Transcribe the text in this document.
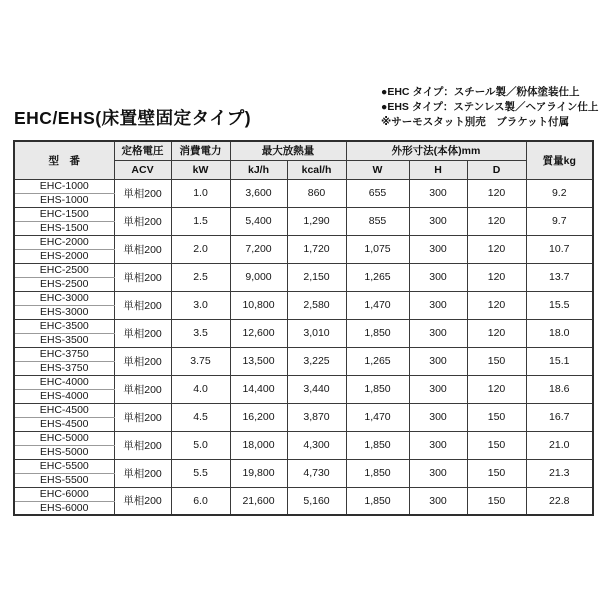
●EHC タイプ：スチール製／粉体塗装仕上
●EHS タイプ：ステンレス製／ヘアライン仕上
※サーモスタット別売　ブラケット付属
EHC/EHS(床置壁固定タイプ)
型　番	定格電圧	消費電力	最大放熱量		外形寸法(本体)mm			質量kg
	ACV	kW	kJ/h	kcal/h	W	H	D	
EHC-1000	単相200	1.0	3,600	860	655	300	120	9.2
EHS-1000								
EHC-1500	単相200	1.5	5,400	1,290	855	300	120	9.7
EHS-1500								
EHC-2000	単相200	2.0	7,200	1,720	1,075	300	120	10.7
EHS-2000								
EHC-2500	単相200	2.5	9,000	2,150	1,265	300	120	13.7
EHS-2500								
EHC-3000	単相200	3.0	10,800	2,580	1,470	300	120	15.5
EHS-3000								
EHC-3500	単相200	3.5	12,600	3,010	1,850	300	120	18.0
EHS-3500								
EHC-3750	単相200	3.75	13,500	3,225	1,265	300	150	15.1
EHS-3750								
EHC-4000	単相200	4.0	14,400	3,440	1,850	300	120	18.6
EHS-4000								
EHC-4500	単相200	4.5	16,200	3,870	1,470	300	150	16.7
EHS-4500								
EHC-5000	単相200	5.0	18,000	4,300	1,850	300	150	21.0
EHS-5000								
EHC-5500	単相200	5.5	19,800	4,730	1,850	300	150	21.3
EHS-5500								
EHC-6000	単相200	6.0	21,600	5,160	1,850	300	150	22.8
EHS-6000								
